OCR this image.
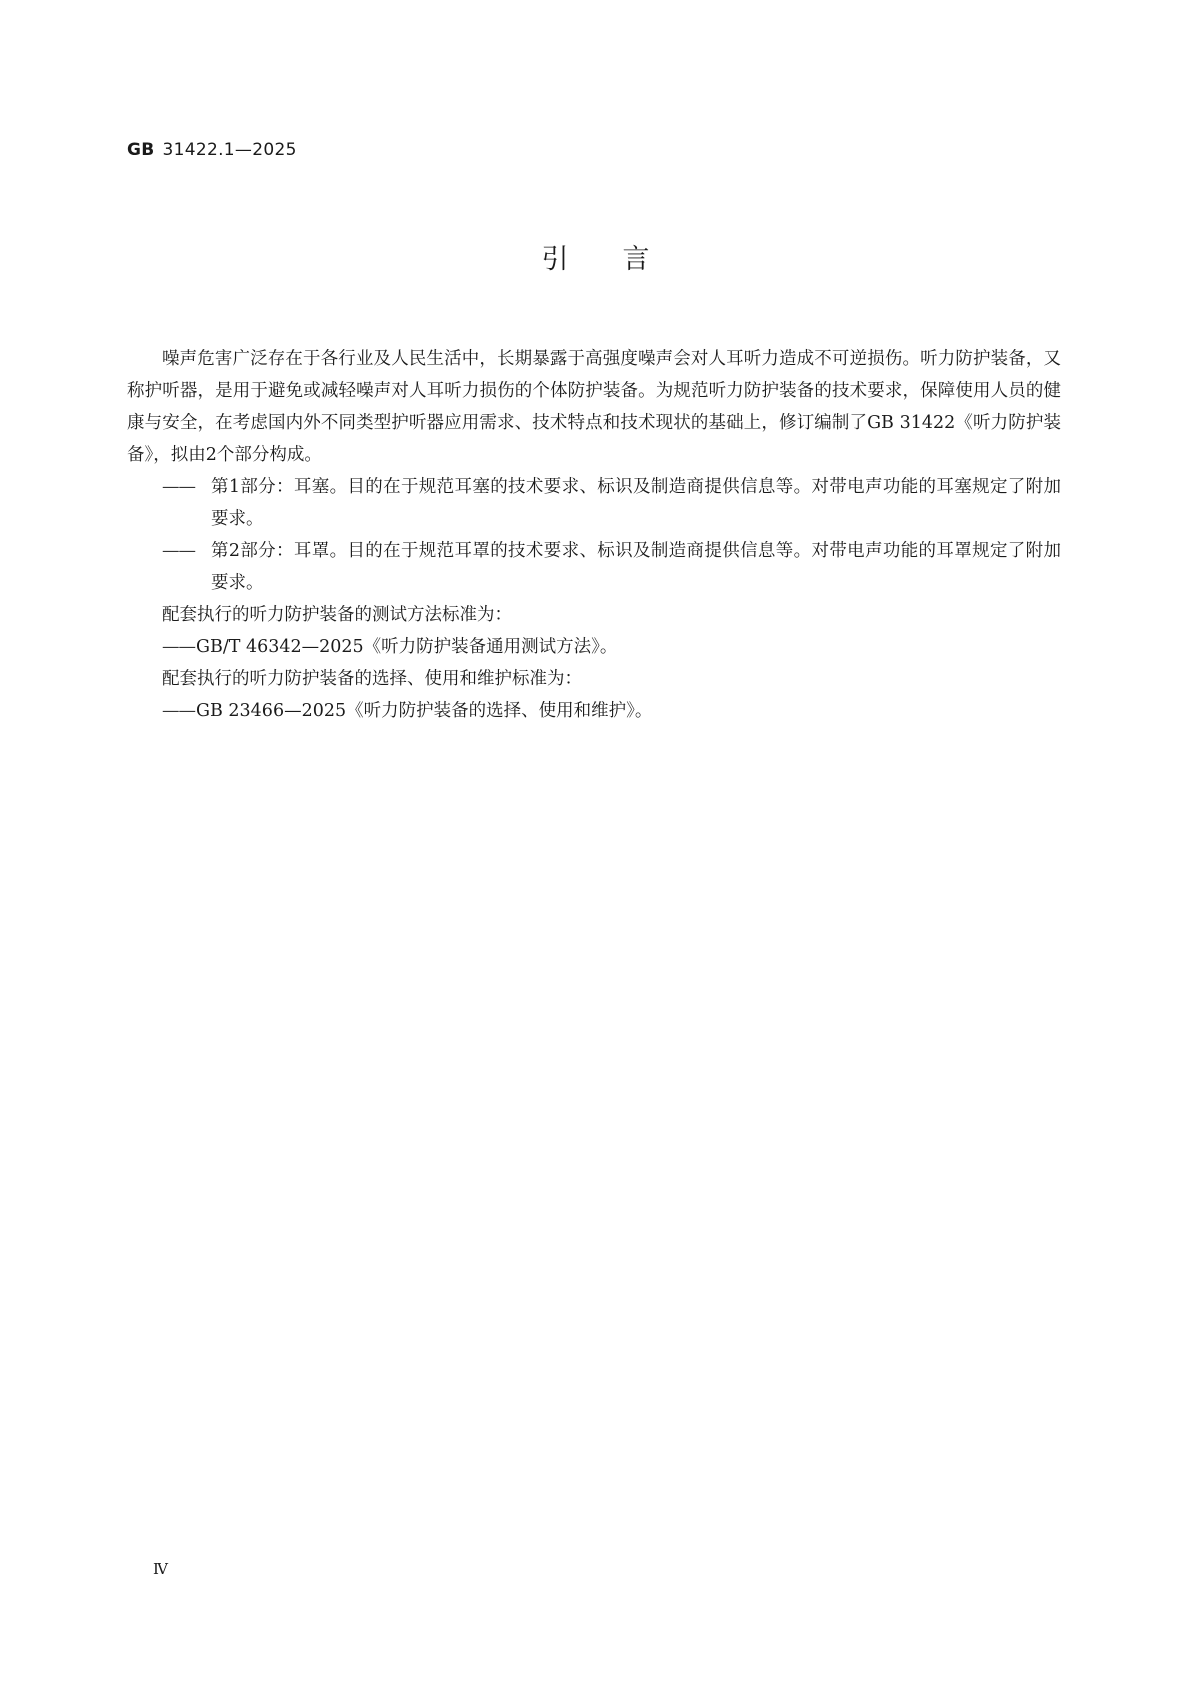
GB 31422.1—2025
引言

噪声危害广泛存在于各行业及人民生活中，长期暴露于高强度噪声会对人耳听力造成不可逆损伤。听力防护装备，又称护听器，是用于避免或减轻噪声对人耳听力损伤的个体防护装备。为规范听力防护装备的技术要求，保障使用人员的健康与安全，在考虑国内外不同类型护听器应用需求、技术特点和技术现状的基础上，修订编制了GB 31422《听力防护装备》，拟由2个部分构成。

—— 第1部分：耳塞。目的在于规范耳塞的技术要求、标识及制造商提供信息等。对带电声功能的耳塞规定了附加要求。

—— 第2部分：耳罩。目的在于规范耳罩的技术要求、标识及制造商提供信息等。对带电声功能的耳罩规定了附加要求。

配套执行的听力防护装备的测试方法标准为：

——GB/T 46342—2025《听力防护装备通用测试方法》。

配套执行的听力防护装备的选择、使用和维护标准为：

——GB 23466—2025《听力防护装备的选择、使用和维护》。

Ⅳ
